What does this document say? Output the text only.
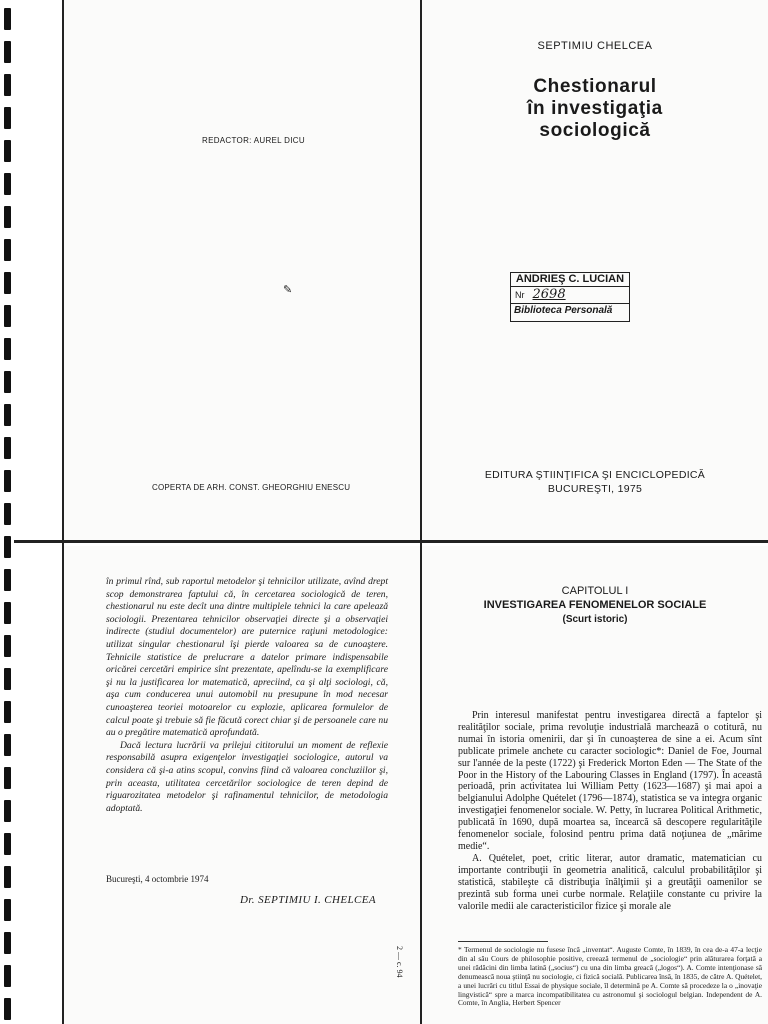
REDACTOR: AUREL DICU
✎
COPERTA DE ARH. CONST. GHEORGHIU ENESCU
SEPTIMIU CHELCEA
Chestionarul
în investigaţia
sociologică
ANDRIEŞ C. LUCIAN
Nr 2698
Biblioteca Personală
EDITURA ŞTIINŢIFICA ŞI ENCICLOPEDICĂ
BUCUREŞTI, 1975

în primul rînd, sub raportul metodelor şi tehnicilor utilizate, avînd drept scop demonstrarea faptului că, în cercetarea sociologică de teren, chestionarul nu este decît una dintre multiplele tehnici la care apelează sociologii. Prezentarea tehnicilor observaţiei directe şi a observaţiei indirecte (studiul documentelor) are puternice raţiuni metodologice: utilizat singular chestionarul îşi pierde valoarea sa de cunoaştere. Tehnicile statistice de prelucrare a datelor primare indispensabile oricărei cercetări empirice sînt prezentate, apelîndu-se la exemplificare şi nu la justificarea lor matematică, apreciind, ca şi alţi sociologi, că, aşa cum conducerea unui automobil nu presupune în mod necesar cunoaşterea teoriei motoarelor cu explozie, aplicarea formulelor de calcul poate şi trebuie să fie făcută corect chiar şi de persoanele care nu au o pregătire matematică aprofundată.

Dacă lectura lucrării va prilejui cititorului un moment de reflexie responsabilă asupra exigenţelor investigaţiei sociologice, autorul va considera că şi-a atins scopul, convins fiind că valoarea concluziilor şi, prin aceasta, utilitatea cercetărilor sociologice de teren depind de riguarozitatea metodelor şi rafinamentul tehnicilor, de metodologia adoptată.

Bucureşti, 4 octombrie 1974
Dr. SEPTIMIU I. CHELCEA
CAPITOLUL I
INVESTIGAREA FENOMENELOR SOCIALE
(Scurt istoric)

Prin interesul manifestat pentru investigarea directă a faptelor şi realităţilor sociale, prima revoluţie industrială marchează o cotitură, nu numai în istoria omenirii, dar şi în cunoaşterea de sine a ei. Acum sînt publicate primele anchete cu caracter sociologic*: Daniel de Foe, Journal sur l'année de la peste (1722) şi Frederick Morton Eden — The State of the Poor in the History of the Labouring Classes in England (1797). În această perioadă, prin activitatea lui William Petty (1623—1687) şi mai apoi a belgianului Adolphe Quételet (1796—1874), statistica se va integra organic investigaţiei fenomenelor sociale. W. Petty, în lucrarea Political Arithmetic, publicată în 1690, după moartea sa, încearcă să descopere regularităţile fenomenelor sociale, folosind pentru prima dată noţiunea de „mărime medie“.

A. Quételet, poet, critic literar, autor dramatic, matematician cu importante contribuţii în geometria analitică, calculul probabilităţilor şi statistică, stabileşte că distribuţia înălţimii şi a greutăţii oamenilor se prezintă sub forma unei curbe normale. Relaţiile constante cu privire la valorile medii ale caracteristicilor fizice şi morale ale

* Termenul de sociologie nu fusese încă „inventat“. Auguste Comte, în 1839, în cea de-a 47-a lecţie din al său Cours de philosophie positive, creează termenul de „sociologie“ prin alăturarea forţată a unei rădăcini din limba latină („socius“) cu una din limba greacă („logos“). A. Comte intenţionase să denumească noua ştiinţă nu sociologie, ci fizică socială. Publicarea însă, în 1835, de către A. Quételet, a unei lucrări cu titlul Essai de physique sociale, îl determină pe A. Comte să procedeze la o „inovaţie lingvistică“ spre a marca incompatibilitatea cu astronomul şi sociologul belgian. Independent de A. Comte, în Anglia, Herbert Spencer
2 — c. 94
